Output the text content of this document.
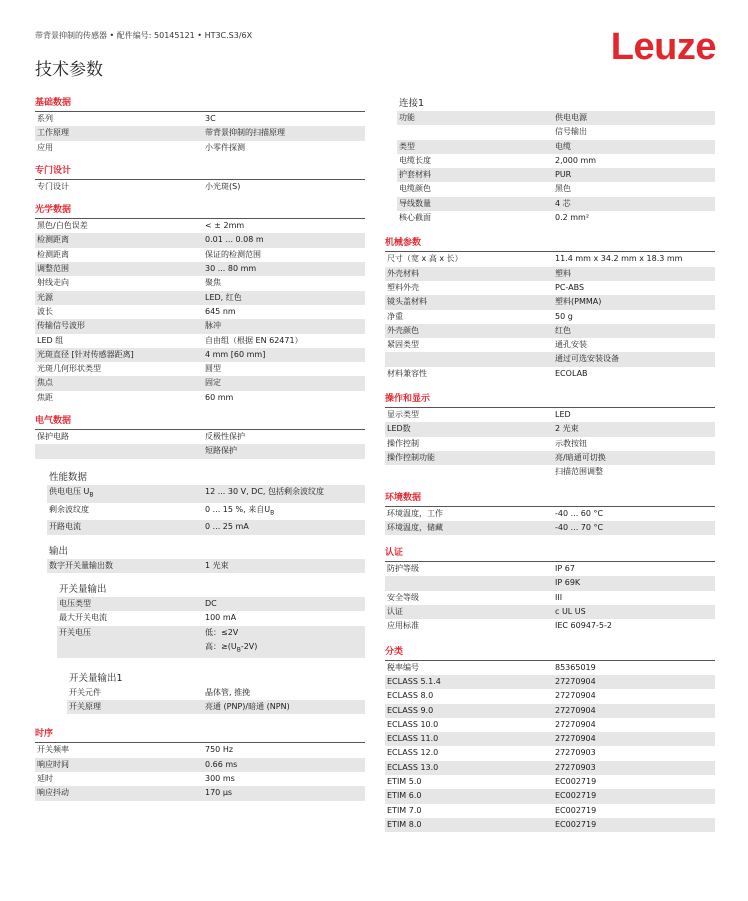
带背景抑制的传感器 • 配件编号: 50145121 • HT3C.S3/6X
技术参数
Leuze
基础数据
系列	3C
工作原理	带背景抑制的扫描原理
应用	小零件探测
专门设计
专门设计	小光斑(S)
光学数据
黑色/白色误差	< ± 2mm
检测距离	0.01 ... 0.08 m
检测距离	保证的检测范围
调整范围	30 ... 80 mm
射线走向	聚焦
光源	LED, 红色
波长	645 nm
传输信号波形	脉冲
LED 组	自由组（根据 EN 62471）
光斑直径 [针对传感器距离]	4 mm [60 mm]
光斑几何形状类型	圆型
焦点	固定
焦距	60 mm
电气数据
保护电路	反极性保护
短路保护
性能数据
供电电压 $U_B$	12 ... 30 V, DC, 包括剩余波纹度
剩余波纹度	0 ... 15 %, 来自$U_B$
开路电流	0 ... 25 mA
输出
数字开关量输出数	1 光束
开关量输出
电压类型	DC
最大开关电流	100 mA
开关电压	低：≤2V
高：$\ge(U_B-2V)$
开关量输出1
开关元件	晶体管, 推挽
开关原理	亮通 (PNP)/暗通 (NPN)
时序
开关频率	750 Hz
响应时间	0.66 ms
延时	300 ms
响应抖动	170 µs
连接1
功能	供电电源
信号输出
类型	电缆
电缆长度	2,000 mm
护套材料	PUR
电缆颜色	黑色
导线数量	4 芯
核心截面	0.2 mm²
机械参数
尺寸（宽 x 高 x 长）	11.4 mm x 34.2 mm x 18.3 mm
外壳材料	塑料
塑料外壳	PC-ABS
镜头盖材料	塑料(PMMA)
净重	50 g
外壳颜色	红色
紧固类型	通孔安装
通过可选安装设备
材料兼容性	ECOLAB
操作和显示
显示类型	LED
LED数	2 光束
操作控制	示教按钮
操作控制功能	亮/暗通可切换
扫描范围调整
环境数据
环境温度，工作	-40 ... 60 °C
环境温度，储藏	-40 ... 70 °C
认证
防护等级	IP 67
IP 69K
安全等级	III
认证	c UL US
应用标准	IEC 60947-5-2
分类
税率编号	85365019
ECLASS 5.1.4	27270904
ECLASS 8.0	27270904
ECLASS 9.0	27270904
ECLASS 10.0	27270904
ECLASS 11.0	27270904
ECLASS 12.0	27270903
ECLASS 13.0	27270903
ETIM 5.0	EC002719
ETIM 6.0	EC002719
ETIM 7.0	EC002719
ETIM 8.0	EC002719
